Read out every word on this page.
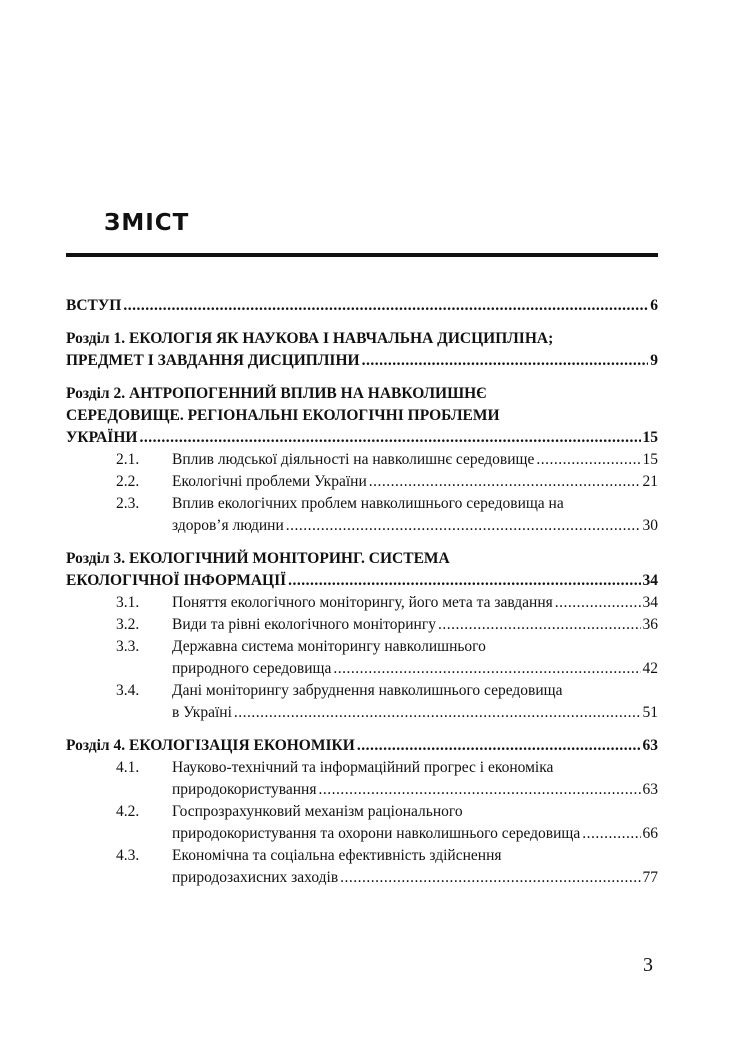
ЗМІСТ
ВСТУП .....	6
Розділ 1. ЕКОЛОГІЯ ЯК НАУКОВА І НАВЧАЛЬНА ДИСЦИПЛІНА;
ПРЕДМЕТ І ЗАВДАННЯ ДИСЦИПЛІНИ .....	9
Розділ 2. АНТРОПОГЕННИЙ ВПЛИВ НА НАВКОЛИШНЄ
СЕРЕДОВИЩЕ. РЕГІОНАЛЬНІ ЕКОЛОГІЧНІ ПРОБЛЕМИ
УКРАЇНИ .....	15
2.1. Вплив людської діяльності на навколишнє середовище .....	15
2.2. Екологічні проблеми України .....	21
2.3. Вплив екологічних проблем навколишнього середовища на
здоров’я людини .....	30
Розділ 3. ЕКОЛОГІЧНИЙ МОНІТОРИНГ. СИСТЕМА
ЕКОЛОГІЧНОЇ ІНФОРМАЦІЇ .....	34
3.1. Поняття екологічного моніторингу, його мета та завдання .....	34
3.2. Види та рівні екологічного моніторингу .....	36
3.3. Державна система моніторингу навколишнього
природного середовища .....	42
3.4. Дані моніторингу забруднення навколишнього середовища
в Україні .....	51
Розділ 4. ЕКОЛОГІЗАЦІЯ ЕКОНОМІКИ .....	63
4.1. Науково-технічний та інформаційний прогрес і економіка
природокористування .....	63
4.2. Госпрозрахунковий механізм раціонального
природокористування та охорони навколишнього середовища .....	66
4.3. Економічна та соціальна ефективність здійснення
природозахисних заходів .....	77
3
